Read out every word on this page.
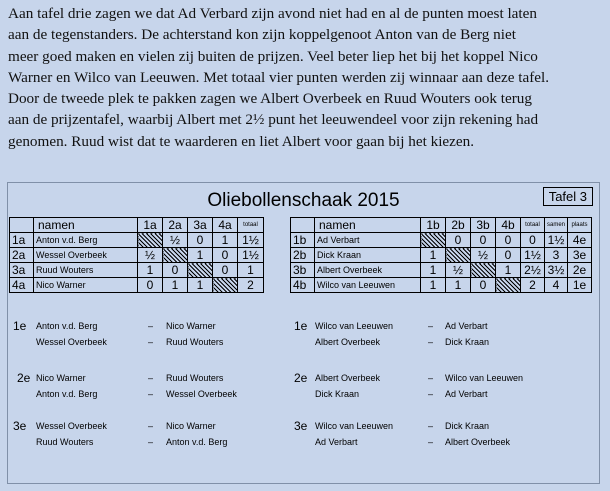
Aan tafel drie zagen we dat Ad Verbard zijn avond niet had en al de punten moest laten
aan de tegenstanders. De achterstand kon zijn koppelgenoot Anton van de Berg niet
meer goed maken en vielen zij buiten de prijzen. Veel beter liep het bij het koppel Nico
Warner en Wilco van Leeuwen. Met totaal vier punten werden zij winnaar aan deze tafel.
Door de tweede plek te pakken zagen we Albert Overbeek en Ruud Wouters ook terug
aan de prijzentafel, waarbij Albert met 2½ punt het leeuwendeel voor zijn rekening had
genomen. Ruud wist dat te waarderen en liet Albert voor gaan bij het kiezen.
Oliebollenschaak 2015	Tafel 3
	namen	1a	2a	3a	4a	totaal
1a	Anton v.d. Berg		½	0	1	1½
2a	Wessel Overbeek	½		1	0	1½
3a	Ruud Wouters	1	0		0	1
4a	Nico Warner	0	1	1		2
	namen	1b	2b	3b	4b	totaal	samen	plaats
1b	Ad Verbart		0	0	0	0	1½	4e
2b	Dick Kraan	1		½	0	1½	3	3e
3b	Albert Overbeek	1	½		1	2½	3½	2e
4b	Wilco van Leeuwen	1	1	0		2	4	1e
1e Anton v.d. Berg	– Nico Warner
Wessel Overbeek	– Ruud Wouters
1e Wilco van Leeuwen	– Ad Verbart
Albert Overbeek	– Dick Kraan
2e Nico Warner	– Ruud Wouters
Anton v.d. Berg	– Wessel Overbeek
2e Albert Overbeek	– Wilco van Leeuwen
Dick Kraan	– Ad Verbart
3e Wessel Overbeek	– Nico Warner
Ruud Wouters	– Anton v.d. Berg
3e Wilco van Leeuwen	– Dick Kraan
Ad Verbart	– Albert Overbeek
